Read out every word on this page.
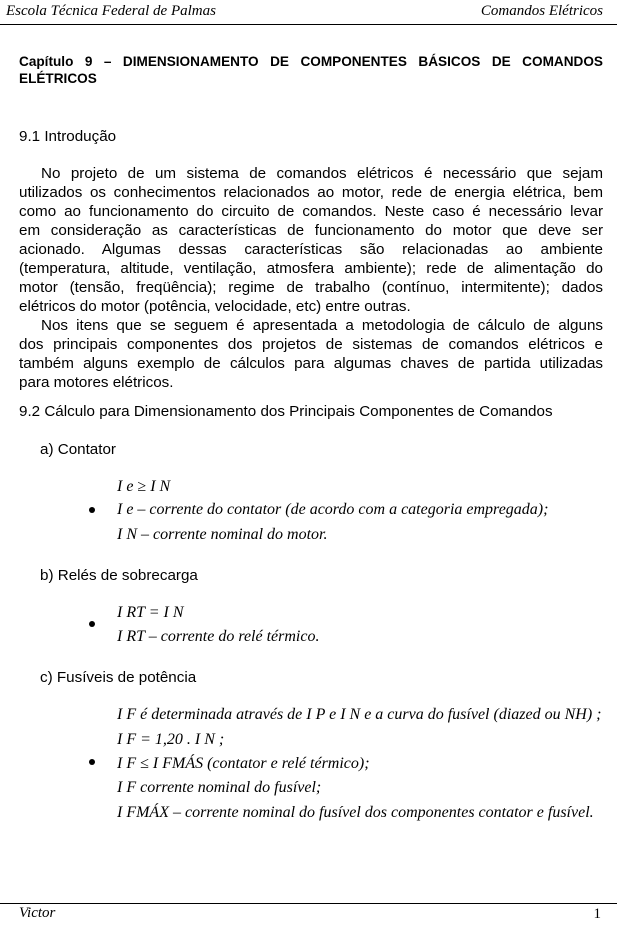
Escola Técnica Federal de Palmas	Comandos Elétricos
Capítulo 9 – DIMENSIONAMENTO DE COMPONENTES BÁSICOS DE COMANDOS
ELÉTRICOS
9.1 Introdução
No projeto de um sistema de comandos elétricos é necessário que sejam
utilizados os conhecimentos relacionados ao motor, rede de energia elétrica, bem
como ao funcionamento do circuito de comandos. Neste caso é necessário levar
em consideração as características de funcionamento do motor que deve ser
acionado. Algumas dessas características são relacionadas ao ambiente
(temperatura, altitude, ventilação, atmosfera ambiente); rede de alimentação do
motor (tensão, freqüência); regime de trabalho (contínuo, intermitente); dados
elétricos do motor (potência, velocidade, etc) entre outras.
Nos itens que se seguem é apresentada a metodologia de cálculo de alguns
dos principais componentes dos projetos de sistemas de comandos elétricos e
também alguns exemplo de cálculos para algumas chaves de partida utilizadas
para motores elétricos.
9.2 Cálculo para Dimensionamento dos Principais Componentes de Comandos
a) Contator
I e ≥ I N
I e – corrente do contator (de acordo com a categoria empregada);
I N – corrente nominal do motor.
b) Relés de sobrecarga
I RT = I N
I RT – corrente do relé térmico.
c) Fusíveis de potência
I F é determinada através de I P e I N e a curva do fusível (diazed ou NH) ;
I F = 1,20 . I N ;
I F ≤ I FMÁS (contator e relé térmico);
I F corrente nominal do fusível;
I FMÁX – corrente nominal do fusível dos componentes contator e fusível.
Victor	1
